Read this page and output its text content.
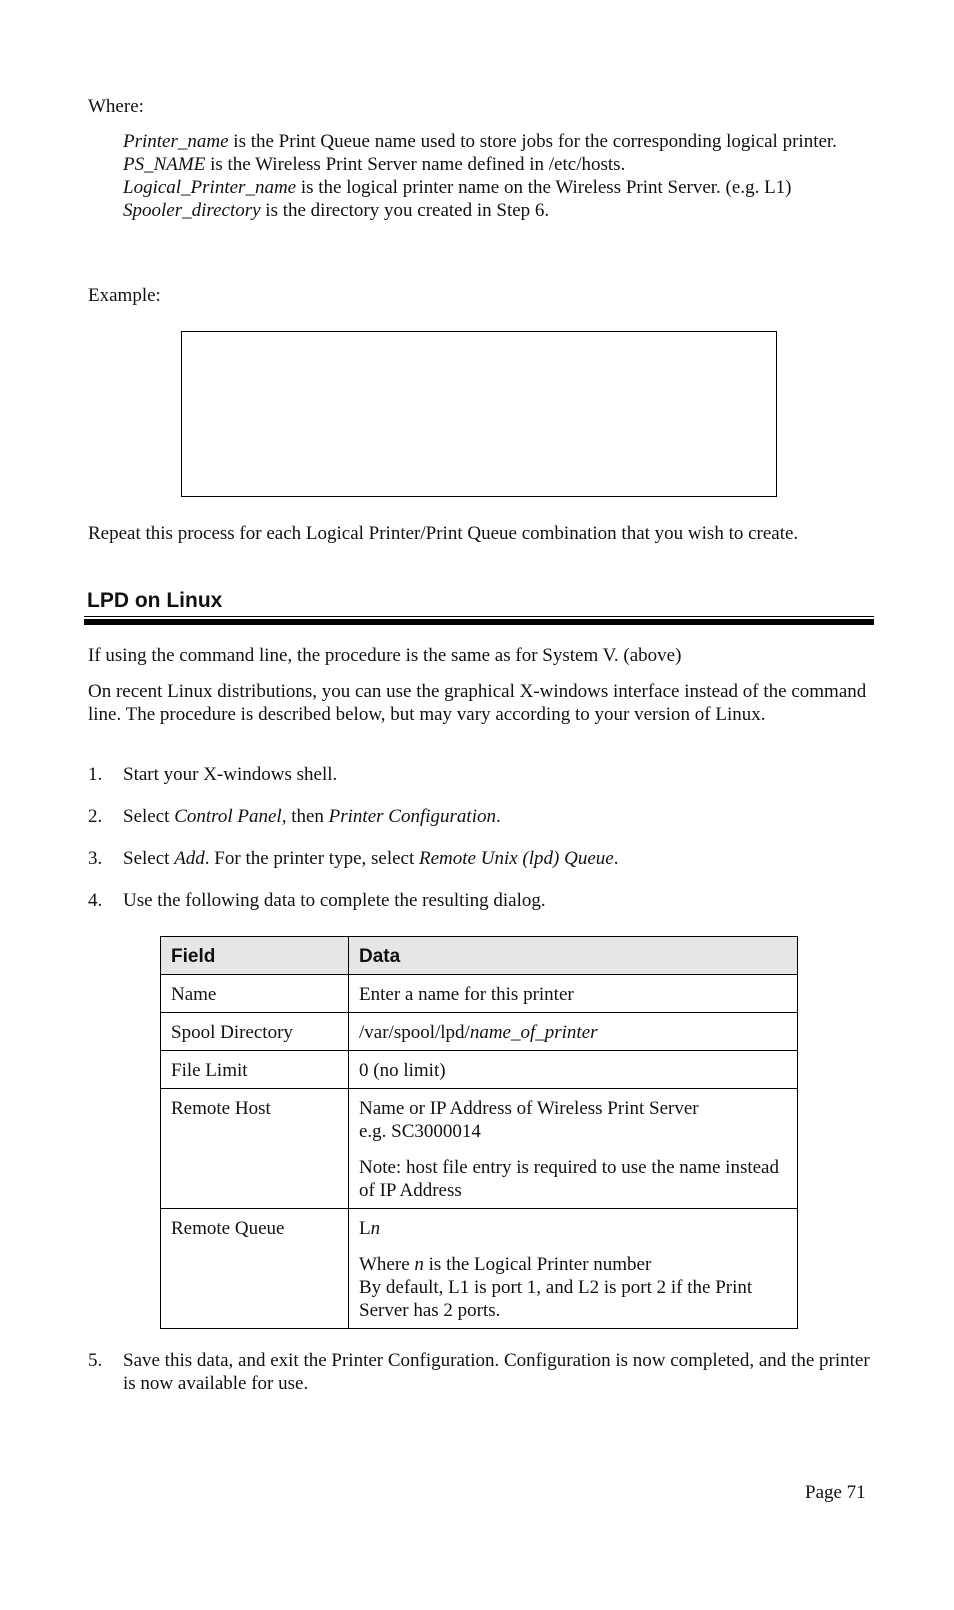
Where:

Printer_name is the Print Queue name used to store jobs for the corresponding logical printer.

PS_NAME is the Wireless Print Server name defined in /etc/hosts.

Logical_Printer_name is the logical printer name on the Wireless Print Server. (e.g. L1)

Spooler_directory is the directory you created in Step 6.

Example:
Repeat this process for each Logical Printer/Print Queue combination that you wish to create.
LPD on Linux
If using the command line, the procedure is the same as for System V. (above)
On recent Linux distributions, you can use the graphical X-windows interface instead of the command line. The procedure is described below, but may vary according to your version of Linux.
1. Start your X-windows shell.
2. Select Control Panel, then Printer Configuration.
3. Select Add. For the printer type, select Remote Unix (lpd) Queue.
4. Use the following data to complete the resulting dialog.
Field	Data
Name	Enter a name for this printer
Spool Directory	/var/spool/lpd/name_of_printer
File Limit	0 (no limit)
Remote Host	Name or IP Address of Wireless Print Server
e.g. SC3000014

Note: host file entry is required to use the name instead of IP Address

Remote Queue	Ln

Where n is the Logical Printer number
By default, L1 is port 1, and L2 is port 2 if the Print Server has 2 ports.

5. Save this data, and exit the Printer Configuration. Configuration is now completed, and the printer is now available for use.
Page 71
